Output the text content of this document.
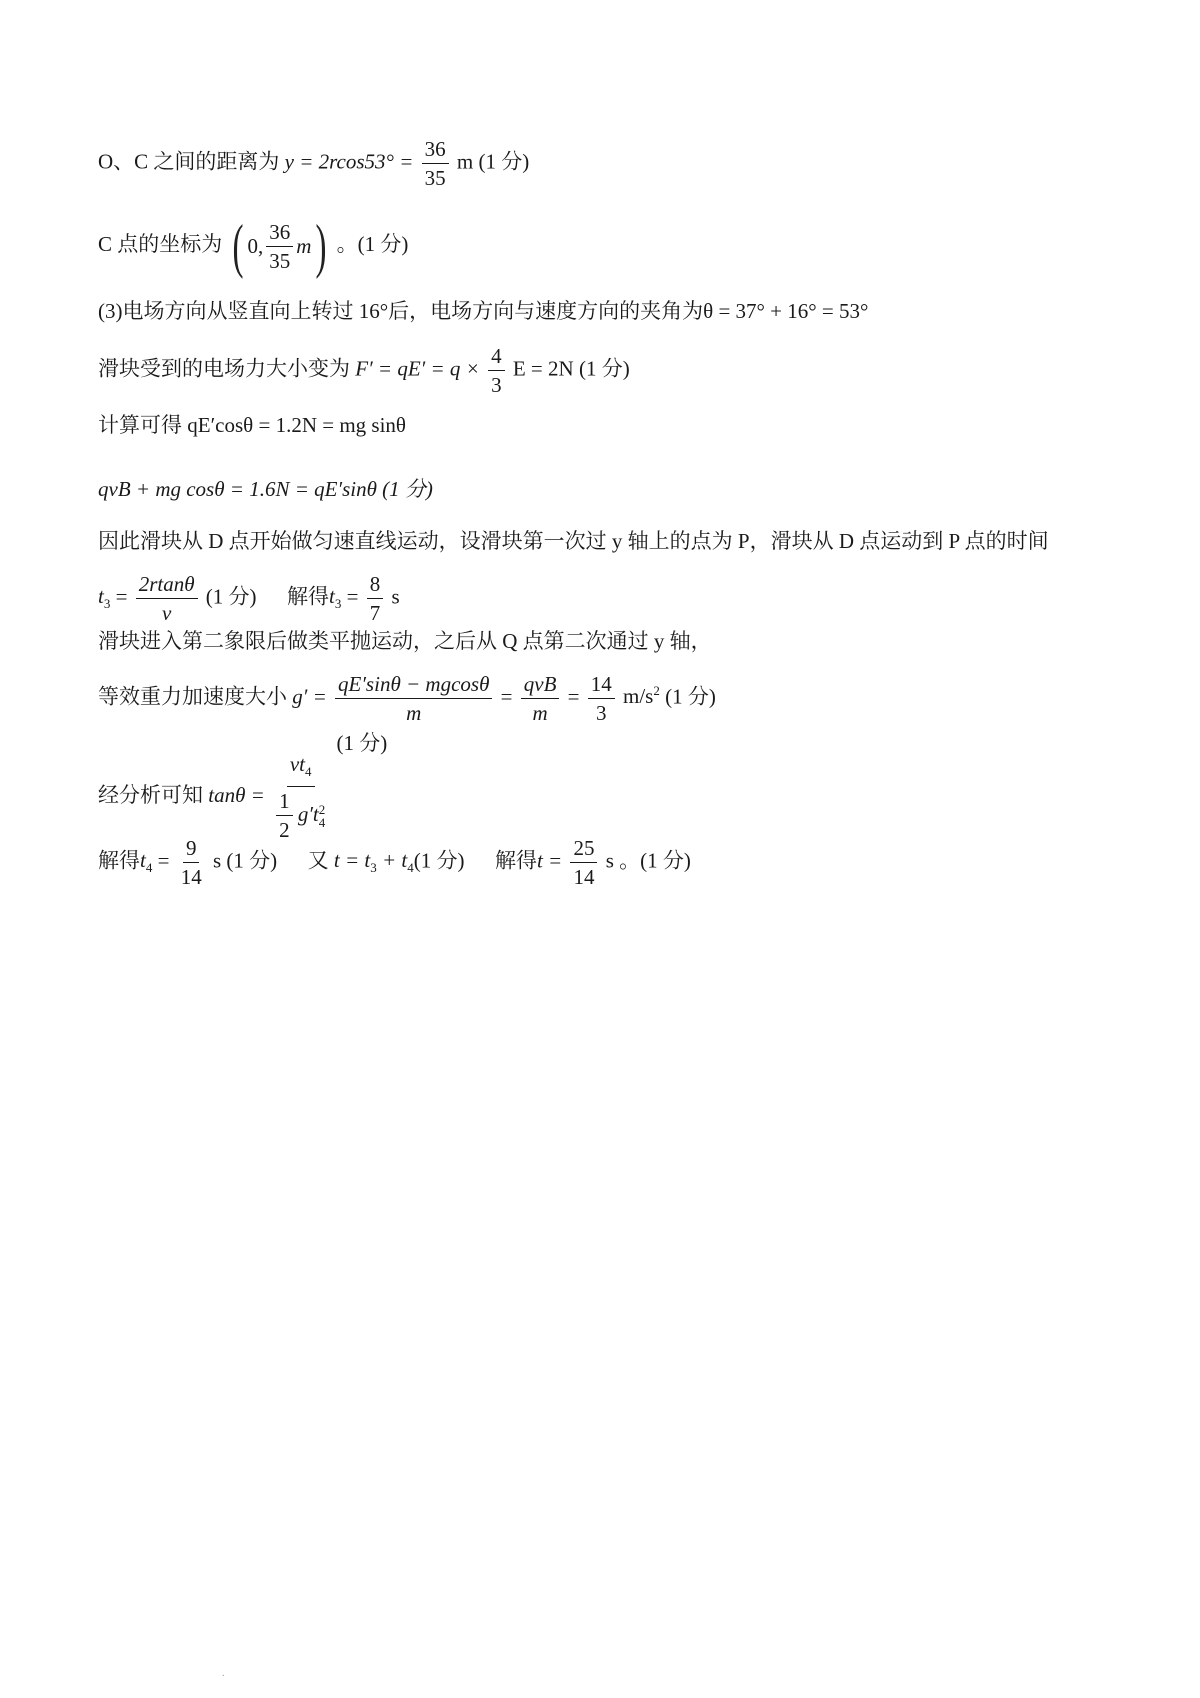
O、C 之间的距离为 $y = 2rcos53^\circ = \frac{36}{35}$ m (1 分)
C 点的坐标为 ( 0, $\frac{36}{35}$ m ) 。(1 分)
(3)电场方向从竖直向上转过 16°后，电场方向与速度方向的夹角为θ = 37° + 16° = 53°
滑块受到的电场力大小变为 $F' = qE' = q \times \frac{4}{3}$ E = 2N (1 分)
计算可得 qE′cosθ = 1.2N = mg sinθ
qvB + mg cosθ = 1.6N = qE′sinθ (1 分)
因此滑块从 D 点开始做匀速直线运动，设滑块第一次过 y 轴上的点为 P，滑块从 D 点运动到 P 点的时间
$t_3 = \frac{2rtan\theta}{v} (1$ 分) 解得$t_3 = \frac{8}{7}$ s
滑块进入第二象限后做类平抛运动，之后从 Q 点第二次通过 y 轴，
等效重力加速度大小 $g' = \frac{qE'\sin\theta - mgcos\theta}{m} = \frac{\text{qvB}}{m} = \frac{14}{3} m/s^2$ (1 分)
经分析可知 $\tan\theta = vt_4$
$\frac{1}{2} g't$ 2
4
(1 分)
解得$t_4 = \frac{9}{14}$ s (1 分) 又 $t = t_3 + t_4(1$ 分) 解得$t = \frac{25}{14}$ s 。(1 分)
.
